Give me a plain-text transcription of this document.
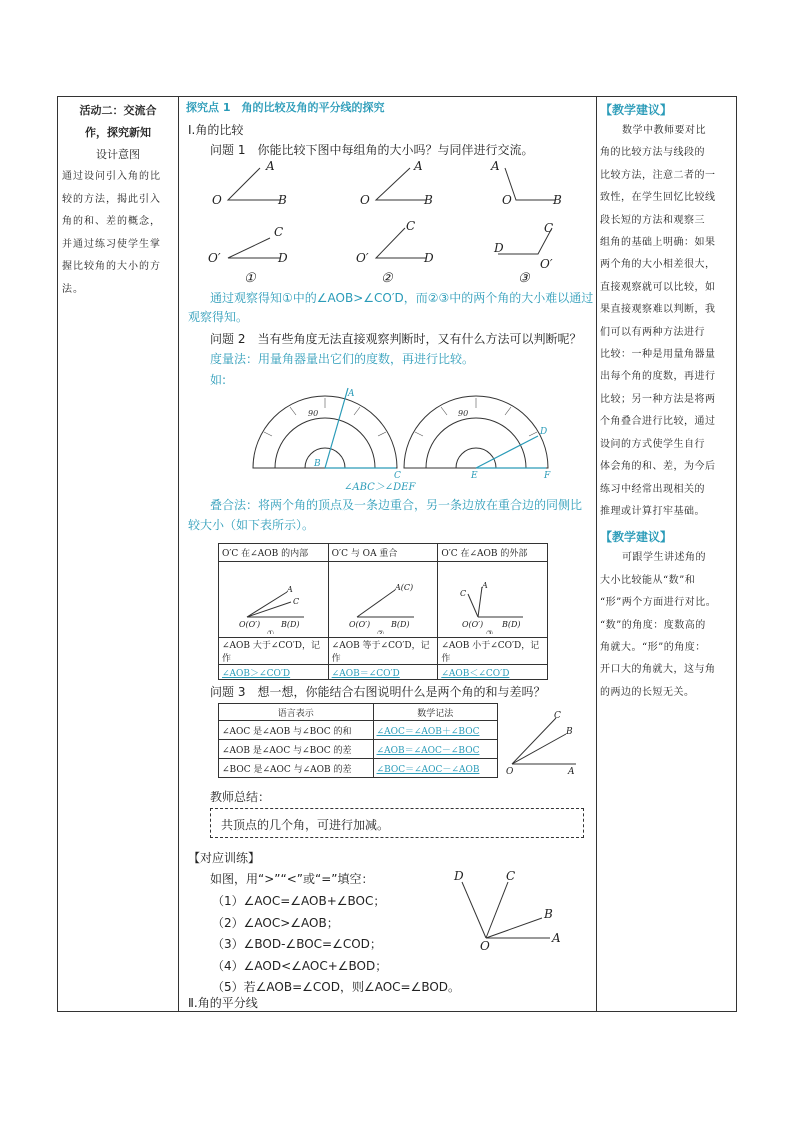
活动二：交流合
作，探究新知
设计意图
通过设问引入角的比
较的方法，揭此引入
角的和、差的概念，
并通过练习使学生掌
握比较角的大小的方
法。
【教学建议】
数学中教师要对比
角的比较方法与线段的
比较方法，注意二者的一
致性，在学生回忆比较线
段长短的方法和观察三
组角的基础上明确：如果
两个角的大小相差很大，
直接观察就可以比较，如
果直接观察难以判断，我
们可以有两种方法进行
比较：一种是用量角器量
出每个角的度数，再进行
比较；另一种方法是将两
个角叠合进行比较，通过
设问的方式使学生自行
体会角的和、差，为今后
练习中经常出现相关的
推理或计算打牢基础。
【教学建议】
可跟学生讲述角的
大小比较能从“数”和
“形”两个方面进行对比。
“数”的角度：度数高的
角就大。“形”的角度：
开口大的角就大，这与角
的两边的长短无关。
探究点 1　角的比较及角的平分线的探究
Ⅰ.角的比较
问题 1　你能比较下图中每组角的大小吗？与同伴进行交流。
A
O	B
A
O	B
A
O	B
C
O′	D
C
O′	D
C
O′
D
①	②	③
通过观察得知①中的∠AOB>∠CO′D，而②③中的两个角的大小难以通过
观察得知。
问题 2　当有些角度无法直接观察判断时，又有什么方法可以判断呢？
度量法：用量角器量出它们的度数，再进行比较。
如:
90	90
A
B
C
D
E	F
∠ABC＞∠DEF
叠合法：将两个角的顶点及一条边重合，另一条边放在重合边的同侧比
较大小（如下表所示）。
O′C 在∠AOB 的内部	O′C 与 OA 重合	O′C 在∠AOB 的外部

A
C
O(O′) B(D)
①	A(C)
O(O′) B(D)
②	A
C
O(O′) B(D)
③

∠AOB 大于∠CO′D，记作	∠AOB 等于∠CO′D，记作	∠AOB 小于∠CO′D，记作
∠AOB＞∠CO′D	∠AOB＝∠CO′D	∠AOB＜∠CO′D
问题 3　想一想，你能结合右图说明什么是两个角的和与差吗？
语言表示	数学记法
∠AOC 是∠AOB 与∠BOC 的和	∠AOC＝∠AOB＋∠BOC
∠AOB 是∠AOC 与∠BOC 的差	∠AOB＝∠AOC－∠BOC
∠BOC 是∠AOC 与∠AOB 的差	∠BOC＝∠AOC－∠AOB
C
B
O	A
教师总结：
共顶点的几个角，可进行加减。
【对应训练】
如图，用“>”“<”或“=”填空：
（1）∠AOC=∠AOB+∠BOC；
（2）∠AOC>∠AOB；
（3）∠BOD-∠BOC=∠COD；
（4）∠AOD<∠AOC+∠BOD；
（5）若∠AOB=∠COD，则∠AOC=∠BOD。
D	C
B
A
O
Ⅱ.角的平分线
